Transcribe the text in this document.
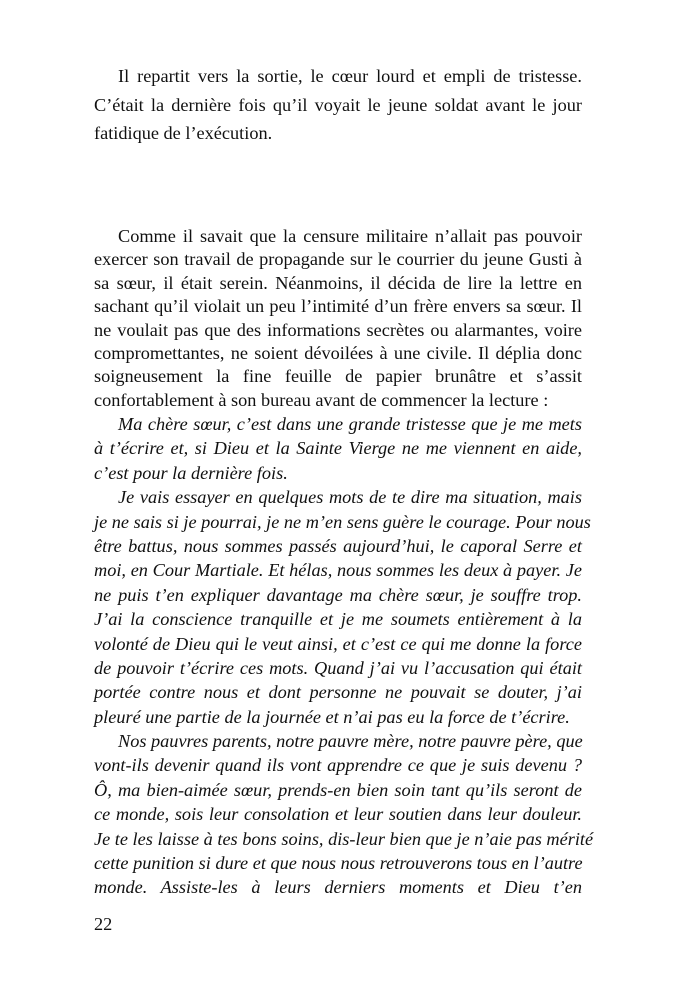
Il repartit vers la sortie, le cœur lourd et empli de tristesse.
C’était la dernière fois qu’il voyait le jeune soldat avant le jour
fatidique de l’exécution.
Comme il savait que la censure militaire n’allait pas pouvoir
exercer son travail de propagande sur le courrier du jeune Gusti à
sa sœur, il était serein. Néanmoins, il décida de lire la lettre en
sachant qu’il violait un peu l’intimité d’un frère envers sa sœur. Il
ne voulait pas que des informations secrètes ou alarmantes, voire
compromettantes, ne soient dévoilées à une civile. Il déplia donc
soigneusement la fine feuille de papier brunâtre et s’assit
confortablement à son bureau avant de commencer la lecture :
Ma chère sœur, c’est dans une grande tristesse que je me mets
à t’écrire et, si Dieu et la Sainte Vierge ne me viennent en aide,
c’est pour la dernière fois.
Je vais essayer en quelques mots de te dire ma situation, mais
je ne sais si je pourrai, je ne m’en sens guère le courage. Pour nous
être battus, nous sommes passés aujourd’hui, le caporal Serre et
moi, en Cour Martiale. Et hélas, nous sommes les deux à payer. Je
ne puis t’en expliquer davantage ma chère sœur, je souffre trop.
J’ai la conscience tranquille et je me soumets entièrement à la
volonté de Dieu qui le veut ainsi, et c’est ce qui me donne la force
de pouvoir t’écrire ces mots. Quand j’ai vu l’accusation qui était
portée contre nous et dont personne ne pouvait se douter, j’ai
pleuré une partie de la journée et n’ai pas eu la force de t’écrire.
Nos pauvres parents, notre pauvre mère, notre pauvre père, que
vont-ils devenir quand ils vont apprendre ce que je suis devenu ?
Ô, ma bien-aimée sœur, prends-en bien soin tant qu’ils seront de
ce monde, sois leur consolation et leur soutien dans leur douleur.
Je te les laisse à tes bons soins, dis-leur bien que je n’aie pas mérité
cette punition si dure et que nous nous retrouverons tous en l’autre
monde. Assiste-les à leurs derniers moments et Dieu t’en
22
